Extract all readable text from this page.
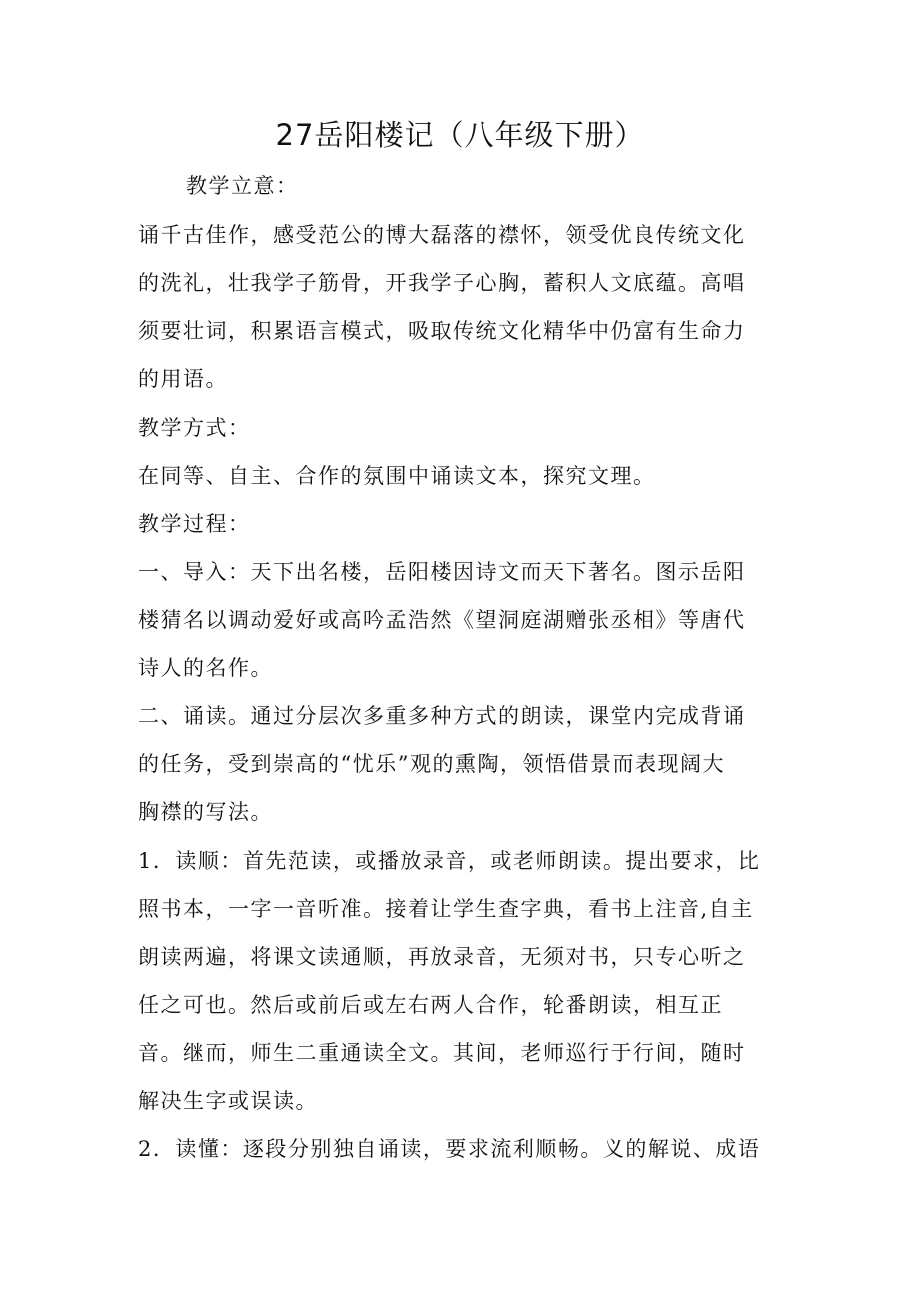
27岳阳楼记（八年级下册）
教学立意：
诵千古佳作，感受范公的博大磊落的襟怀，领受优良传统文化
的洗礼，壮我学子筋骨，开我学子心胸，蓄积人文底蕴。高唱
须要壮词，积累语言模式，吸取传统文化精华中仍富有生命力
的用语。
教学方式：
在同等、自主、合作的氛围中诵读文本，探究文理。
教学过程：
一、导入：天下出名楼，岳阳楼因诗文而天下著名。图示岳阳
楼猜名以调动爱好或高吟孟浩然《望洞庭湖赠张丞相》等唐代
诗人的名作。
二、诵读。通过分层次多重多种方式的朗读，课堂内完成背诵
的任务，受到崇高的“忧乐”观的熏陶，领悟借景而表现阔大
胸襟的写法。
1．读顺：首先范读，或播放录音，或老师朗读。提出要求，比
照书本，一字一音听准。接着让学生查字典，看书上注音,自主
朗读两遍，将课文读通顺，再放录音，无须对书，只专心听之
任之可也。然后或前后或左右两人合作，轮番朗读，相互正
音。继而，师生二重通读全文。其间，老师巡行于行间，随时
解决生字或误读。
2．读懂：逐段分别独自诵读，要求流利顺畅。义的解说、成语
